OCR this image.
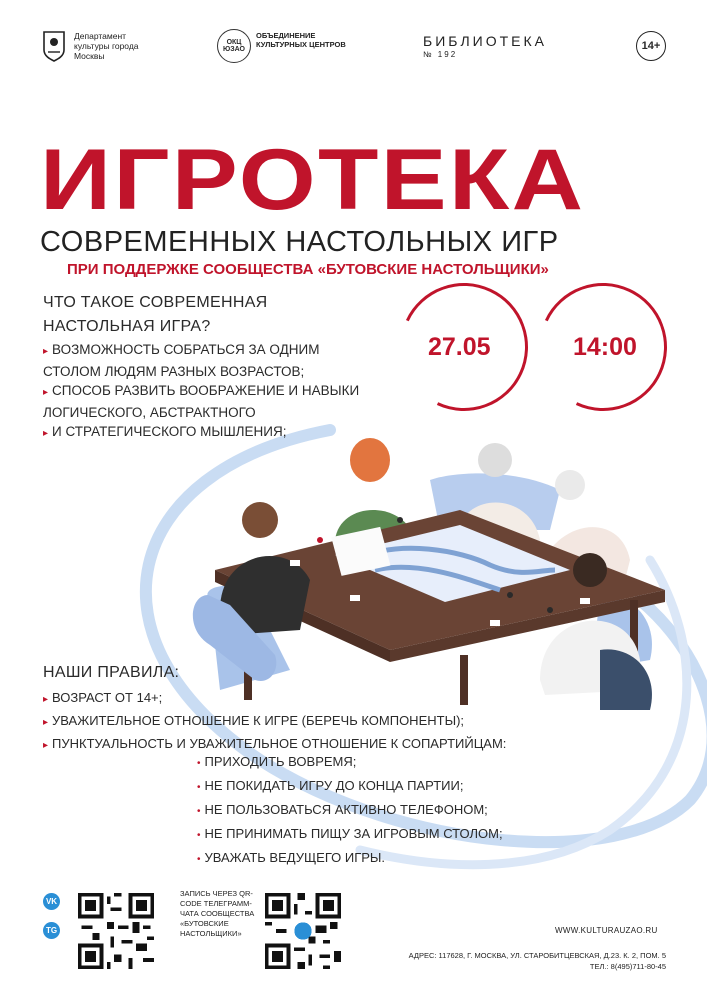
Департамент культуры города Москвы
ОКЦ ЮЗАО
ОБЪЕДИНЕНИЕ КУЛЬТУРНЫХ ЦЕНТРОВ	БИБЛИОТЕКА
№ 192
14+
ИГРОТЕКА
СОВРЕМЕННЫХ НАСТОЛЬНЫХ ИГР
ПРИ ПОДДЕРЖКЕ СООБЩЕСТВА «БУТОВСКИЕ НАСТОЛЬЩИКИ»
ЧТО ТАКОЕ СОВРЕМЕННАЯ НАСТОЛЬНАЯ ИГРА?
▸ ВОЗМОЖНОСТЬ СОБРАТЬСЯ ЗА ОДНИМ СТОЛОМ ЛЮДЯМ РАЗНЫХ ВОЗРАСТОВ;
▸ СПОСОБ РАЗВИТЬ ВООБРАЖЕНИЕ И НАВЫКИ ЛОГИЧЕСКОГО, АБСТРАКТНОГО
▸ И СТРАТЕГИЧЕСКОГО МЫШЛЕНИЯ;
27.05	14:00
НАШИ ПРАВИЛА:
▸ ВОЗРАСТ ОТ 14+;
▸ УВАЖИТЕЛЬНОЕ ОТНОШЕНИЕ К ИГРЕ (БЕРЕЧЬ КОМПОНЕНТЫ);
▸ ПУНКТУАЛЬНОСТЬ И УВАЖИТЕЛЬНОЕ ОТНОШЕНИЕ К СОПАРТИЙЦАМ:
• ПРИХОДИТЬ ВОВРЕМЯ;
• НЕ ПОКИДАТЬ ИГРУ ДО КОНЦА ПАРТИИ;
• НЕ ПОЛЬЗОВАТЬСЯ АКТИВНО ТЕЛЕФОНОМ;
• НЕ ПРИНИМАТЬ ПИЩУ ЗА ИГРОВЫМ СТОЛОМ;
• УВАЖАТЬ ВЕДУЩЕГО ИГРЫ.
VK
TG
ЗАПИСЬ ЧЕРЕЗ QR-CODE ТЕЛЕГРАММ-ЧАТА СООБЩЕСТВА «БУТОВСКИЕ НАСТОЛЬЩИКИ»	WWW.KULTURAUZAO.RU
АДРЕС: 117628, Г. МОСКВА, УЛ. СТАРОБИТЦЕВСКАЯ, Д.23. К. 2, ПОМ. 5
ТЕЛ.: 8(495)711-80-45
